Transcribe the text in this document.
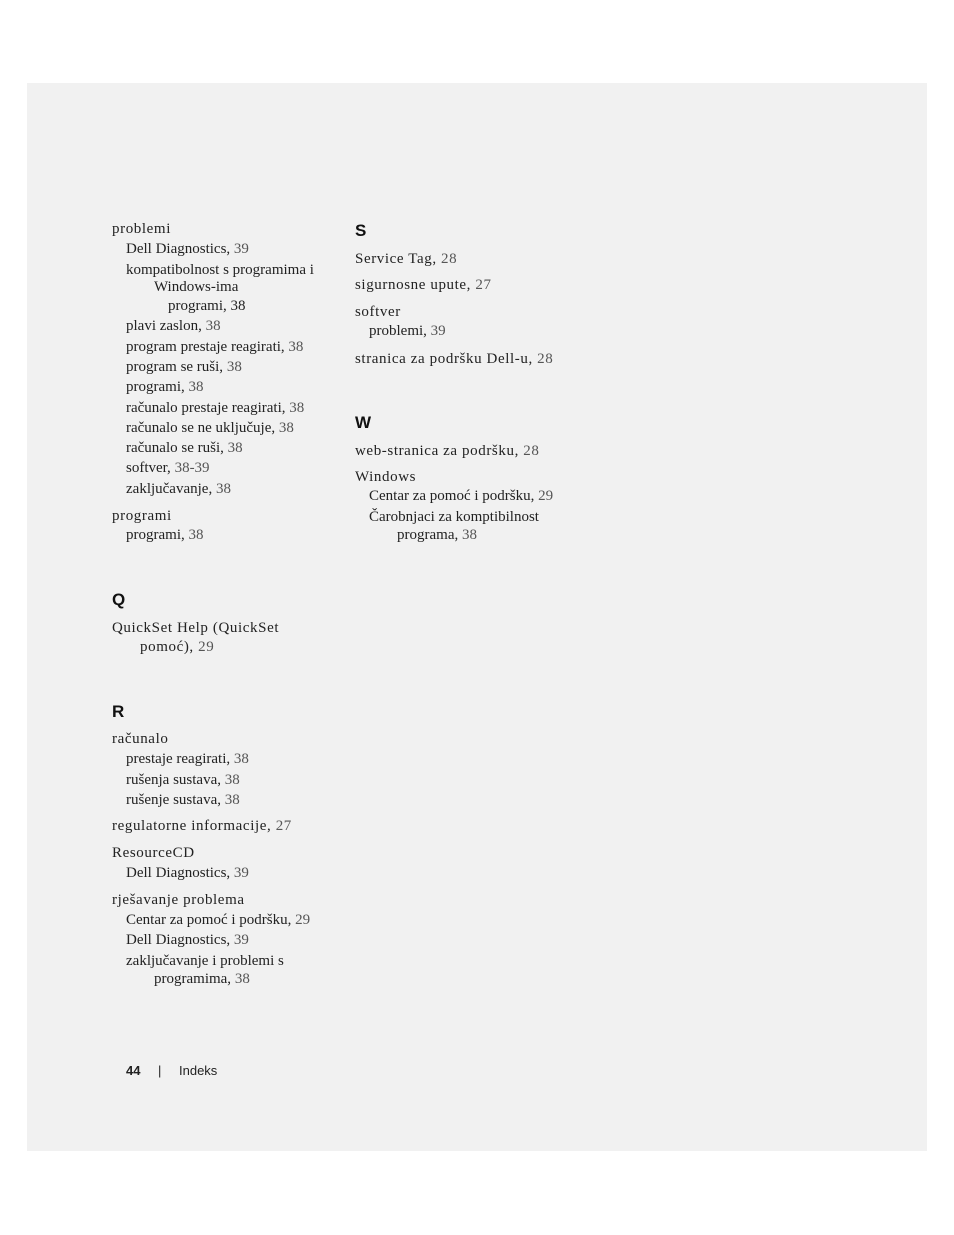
problemi
Dell Diagnostics, 39
kompatibolnost s programima i
Windows-ima
programi, 38
plavi zaslon, 38
program prestaje reagirati, 38
program se ruši, 38
programi, 38
računalo prestaje reagirati, 38
računalo se ne uključuje, 38
računalo se ruši, 38
softver, 38-39
zaključavanje, 38
programi
programi, 38
Q
QuickSet Help (QuickSet
pomoć), 29
R
računalo
prestaje reagirati, 38
rušenja sustava, 38
rušenje sustava, 38
regulatorne informacije, 27
ResourceCD
Dell Diagnostics, 39
rješavanje problema
Centar za pomoć i podršku, 29
Dell Diagnostics, 39
zaključavanje i problemi s
programima, 38
S
Service Tag, 28
sigurnosne upute, 27
softver
problemi, 39
stranica za podršku Dell-u, 28
W
web-stranica za podršku, 28
Windows
Centar za pomoć i podršku, 29
Čarobnjaci za komptibilnost
programa, 38
44 | Indeks
